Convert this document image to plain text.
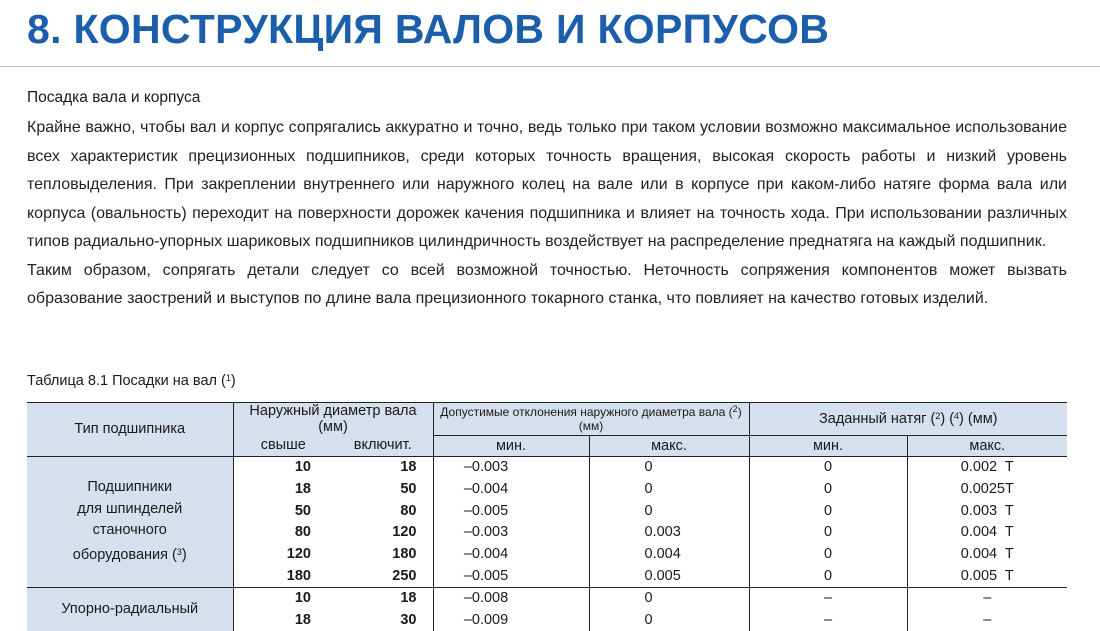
8. КОНСТРУКЦИЯ ВАЛОВ И КОРПУСОВ
Посадка вала и корпуса

Крайне важно, чтобы вал и корпус сопрягались аккуратно и точно, ведь только при таком условии возможно максимальное использование всех характеристик прецизионных подшипников, среди которых точность вращения, высокая скорость работы и низкий уровень тепловыделения. При закреплении внутреннего или наружного колец на вале или в корпусе при каком-либо натяге форма вала или корпуса (овальность) переходит на поверхности дорожек качения подшипника и влияет на точность хода. При использовании различных типов радиально-упорных шариковых подшипников цилиндричность воздействует на распределение преднатяга на каждый подшипник.

Таким образом, сопрягать детали следует со всей возможной точностью. Неточность сопряжения компонентов может вызвать образование заострений и выступов по длине вала прецизионного токарного станка, что повлияет на качество готовых изделий.

Таблица 8.1 Посадки на вал ($^1$)
Тип подшипника	Наружный диаметр вала (мм)		Допустимые отклонения наружного диаметра вала ($^2$) (мм)		Заданный натяг ($^2$) ($^4$) (мм)	
	свыше	включит.	мин.	макс.	мин.	макс.

Подшипники
для шпинделей
станочного
оборудования ($^3$)	10	18	–0.003	0	0	0.002  T
	18	50	–0.004	0	0	0.0025T
	50	80	–0.005	0	0	0.003  T
	80	120	–0.003	0.003	0	0.004  T
	120	180	–0.004	0.004	0	0.004  T
	180	250	–0.005	0.005	0	0.005  T

Упорно-радиальный	10	18	–0.008	0	–	–
	18	30	–0.009	0	–	–
